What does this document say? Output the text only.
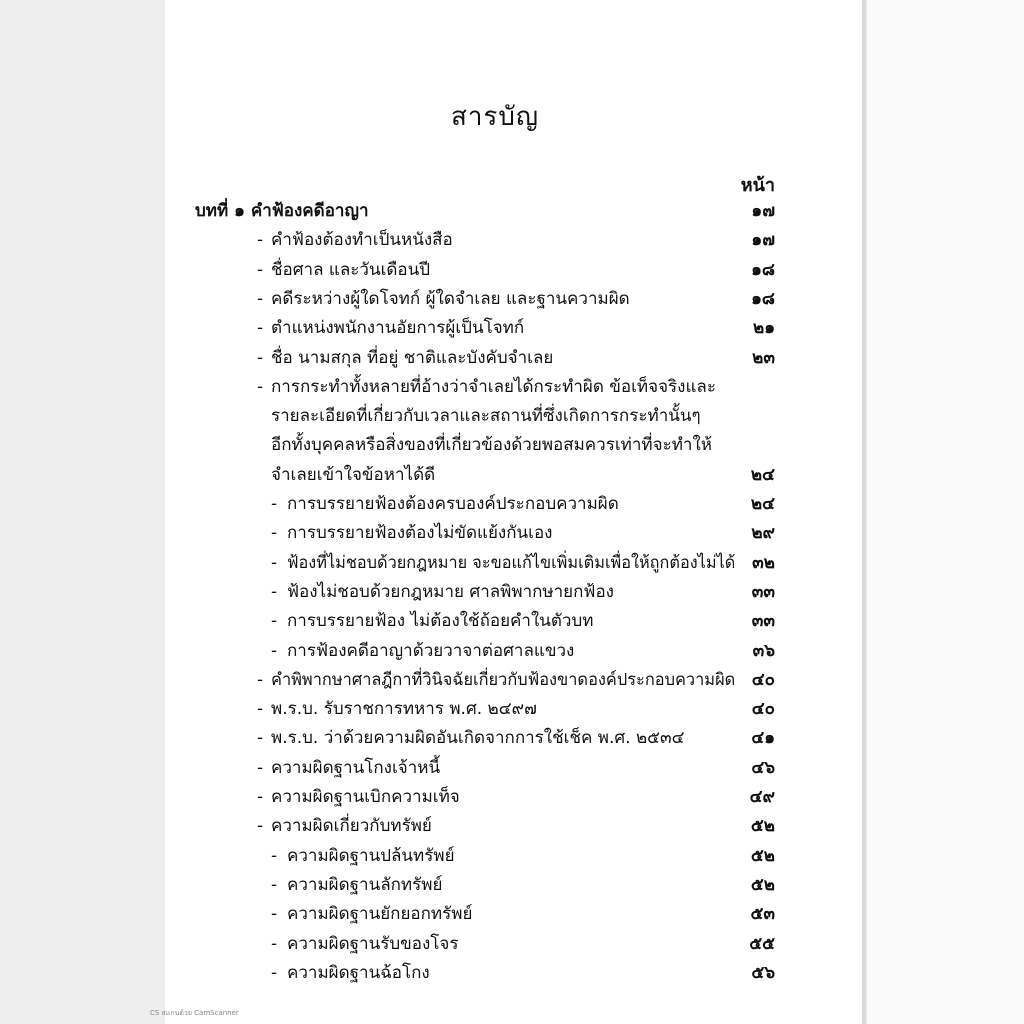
สารบัญ
หน้า
บทที่ ๑ คำฟ้องคดีอาญา	๑๗
- คำฟ้องต้องทำเป็นหนังสือ	๑๗
- ชื่อศาล และวันเดือนปี	๑๘
- คดีระหว่างผู้ใดโจทก์ ผู้ใดจำเลย และฐานความผิด	๑๘
- ตำแหน่งพนักงานอัยการผู้เป็นโจทก์	๒๑
- ชื่อ นามสกุล ที่อยู่ ชาติและบังคับจำเลย	๒๓
- การกระทำทั้งหลายที่อ้างว่าจำเลยได้กระทำผิด ข้อเท็จจริงและ
รายละเอียดที่เกี่ยวกับเวลาและสถานที่ซึ่งเกิดการกระทำนั้นๆ
อีกทั้งบุคคลหรือสิ่งของที่เกี่ยวข้องด้วยพอสมควรเท่าที่จะทำให้
จำเลยเข้าใจข้อหาได้ดี	๒๔
- การบรรยายฟ้องต้องครบองค์ประกอบความผิด	๒๔
- การบรรยายฟ้องต้องไม่ขัดแย้งกันเอง	๒๙
- ฟ้องที่ไม่ชอบด้วยกฎหมาย จะขอแก้ไขเพิ่มเติมเพื่อให้ถูกต้องไม่ได้ ๓๒
- ฟ้องไม่ชอบด้วยกฎหมาย ศาลพิพากษายกฟ้อง	๓๓
- การบรรยายฟ้อง ไม่ต้องใช้ถ้อยคำในตัวบท	๓๓
- การฟ้องคดีอาญาด้วยวาจาต่อศาลแขวง	๓๖
- คำพิพากษาศาลฎีกาที่วินิจฉัยเกี่ยวกับฟ้องขาดองค์ประกอบความผิด ๔๐
- พ.ร.บ. รับราชการทหาร พ.ศ. ๒๔๙๗	๔๐
- พ.ร.บ. ว่าด้วยความผิดอันเกิดจากการใช้เช็ค พ.ศ. ๒๕๓๔	๔๑
- ความผิดฐานโกงเจ้าหนี้	๔๖
- ความผิดฐานเบิกความเท็จ	๔๙
- ความผิดเกี่ยวกับทรัพย์	๕๒
- ความผิดฐานปล้นทรัพย์	๕๒
- ความผิดฐานลักทรัพย์	๕๒
- ความผิดฐานยักยอกทรัพย์	๕๓
- ความผิดฐานรับของโจร	๕๕
- ความผิดฐานฉ้อโกง	๕๖
CS สแกนด้วย CamScanner
